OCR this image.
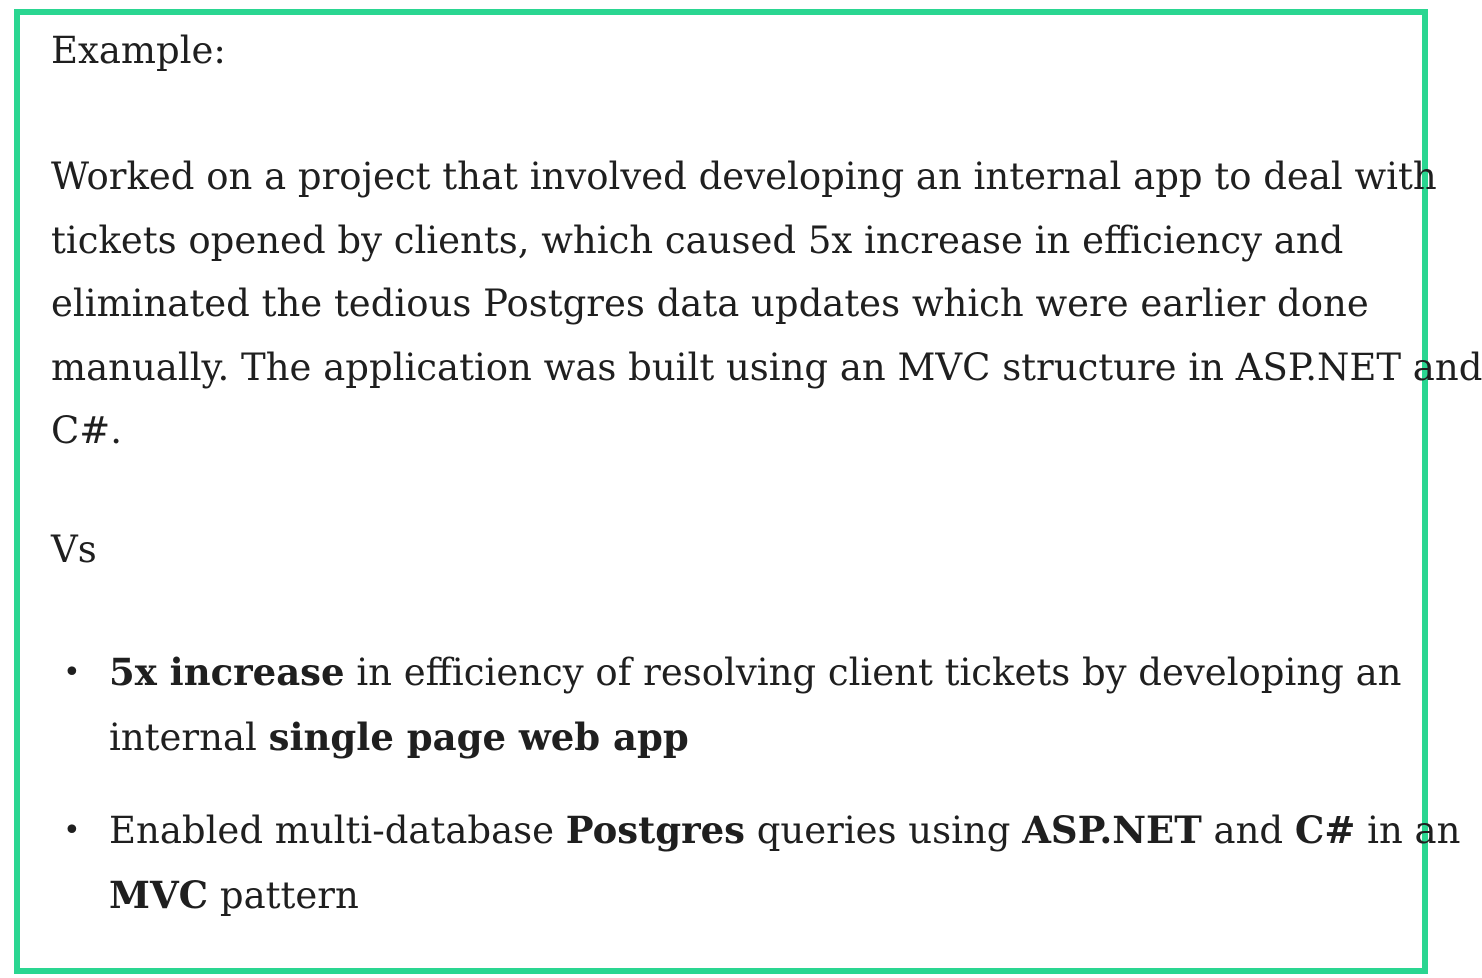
Example:
Worked on a project that involved developing an internal app to deal with
tickets opened by clients, which caused 5x increase in efficiency and
eliminated the tedious Postgres data updates which were earlier done
manually. The application was built using an MVC structure in ASP.NET and
C#.
Vs
• 5x increase in efficiency of resolving client tickets by developing an
internal single page web app
• Enabled multi-database Postgres queries using ASP.NET and C# in an
MVC pattern
